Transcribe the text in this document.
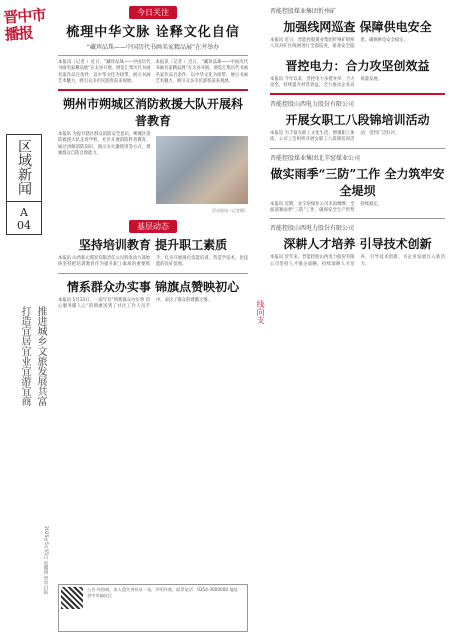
晋中市播报
区域新闻
A
04
打造宜居宜业宜游宜商 推进城乡文旅发展共富
2025年5月15日 星期四 晋中日报
今日关注
梳理中华文脉 诠释文化自信
“藏珍品珠——中国历代书画名家精品展”在井举办

本报讯（记者 ）近日，“藏珍品珠——中国历代书画名家精品展”在太谷开展，展览汇集历代书画名家作品百余件，以中华文化为纽带，展示书画艺术魅力，吸引众多市民游客前来观展。

本报讯（记者 ）近日，“藏珍品珠——中国历代书画名家精品展”在太谷开展，展览汇集历代书画名家作品百余件，以中华文化为纽带，展示书画艺术魅力，吸引众多市民游客前来观展。

朔州市朔城区消防救援大队开展科普教育

本报讯 为提升辖区群众消防安全意识，朔城区消防救援大队走进学校、社区开展消防科普教育，通过讲解消防知识、演示灭火器使用等方式，增强群众自防自救能力。

活动现场（记者摄）
基层动态
坚持培训教育 提升职工素质

本报讯 山西新元煤炭有限责任公司机电动力部始终坚持把培训教育作为提升职工素质的重要抓手，扎实开展岗位技能培训，营造学技术、比技能的良好氛围。

情系群众办实事 锦旗点赞映初心

本报讯 5月13日，一面写有“情系群众办实事 热心服务暖人心”的锦旗送到了社区工作人员手中，表达了群众的感激之情。	线向支
公告 经协商，本人遗失身份证一张，声明作废。联系电话：0354-3000000 地址：晋中市榆次区
晋能控股煤业集团忻州矿
加强线网巡查 保障供电安全

本报讯 近日，晋能控股煤业集团忻州矿组织人员对矿区线网进行全面巡查，排查安全隐患，确保供电安全稳定。

晋控电力：合力攻坚创效益

本报讯 今年以来，晋控电力多措并举，合力攻坚，持续提升经营效益，全力推动企业高质量发展。

晋能控股山西电力股份有限公司
开展女职工八段锦培训活动

本报讯 为丰富女职工文化生活，增强职工体质，公司工会组织开展女职工八段锦培训活动，受到广泛好评。

晋能控股煤业集团北辛窑煤业公司
做实雨季“三防”工作 全力筑牢安全堤坝

本报讯 近期，北辛窑煤业公司未雨绸缪，全面部署雨季“三防”工作，确保安全生产形势持续稳定。

晋能控股山西电力股份有限公司
深耕人才培养 引导技术创新

本报讯 近年来，晋能控股山西电力股份有限公司坚持人才强企战略，持续深耕人才培养，引导技术创新，为企业发展注入新活力。
